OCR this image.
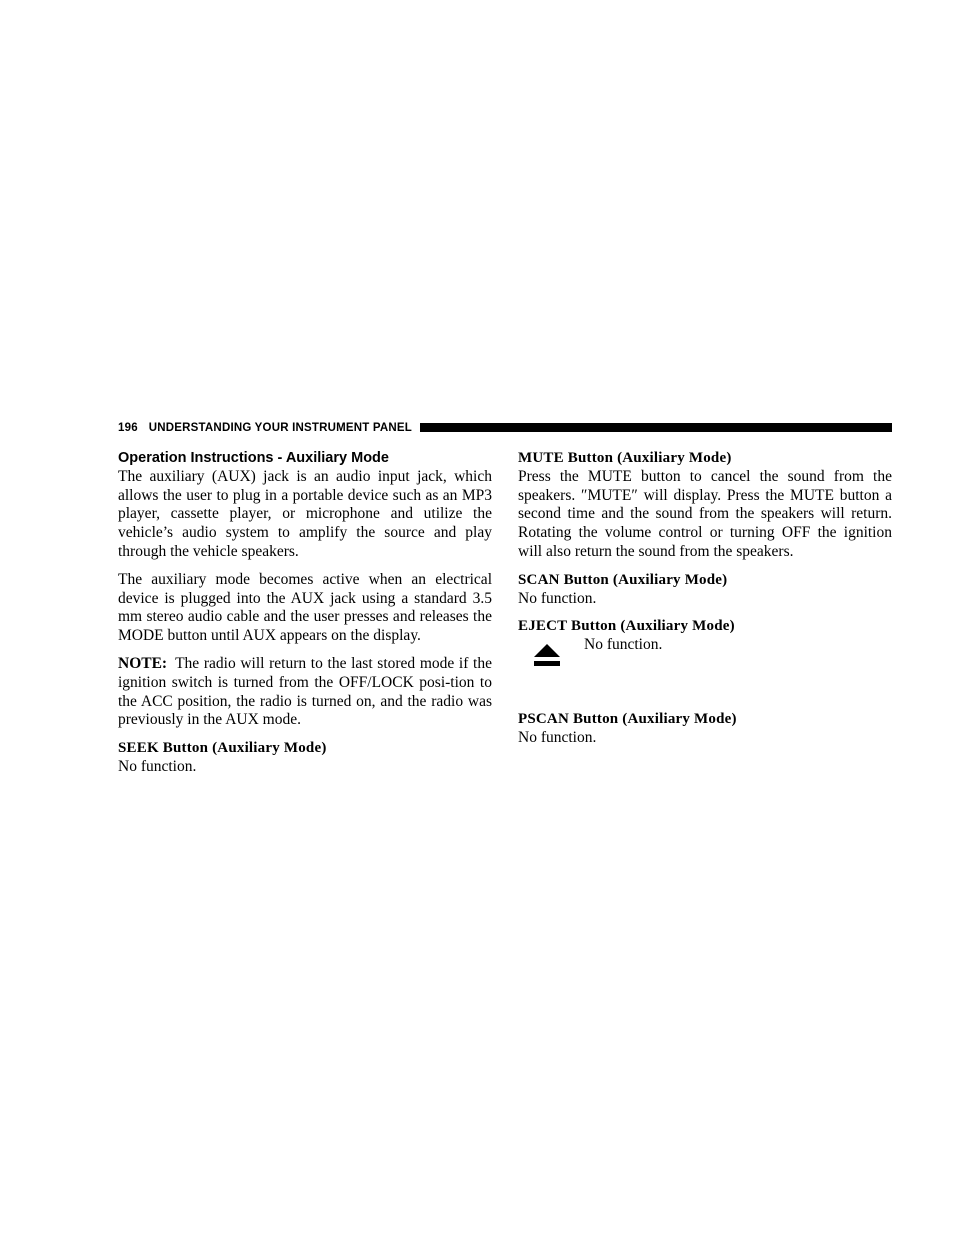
196 UNDERSTANDING YOUR INSTRUMENT PANEL
Operation Instructions - Auxiliary Mode

The auxiliary (AUX) jack is an audio input jack, which allows the user to plug in a portable device such as an MP3 player, cassette player, or microphone and utilize the vehicle’s audio system to amplify the source and play through the vehicle speakers.

The auxiliary mode becomes active when an electrical device is plugged into the AUX jack using a standard 3.5 mm stereo audio cable and the user presses and releases the MODE button until AUX appears on the display.

NOTE: The radio will return to the last stored mode if the ignition switch is turned from the OFF/LOCK posi-tion to the ACC position, the radio is turned on, and the radio was previously in the AUX mode.

SEEK Button (Auxiliary Mode)
No function.
MUTE Button (Auxiliary Mode)

Press the MUTE button to cancel the sound from the speakers. ″MUTE″ will display. Press the MUTE button a second time and the sound from the speakers will return. Rotating the volume control or turning OFF the ignition will also return the sound from the speakers.

SCAN Button (Auxiliary Mode)
No function.
EJECT Button (Auxiliary Mode)
No function.
PSCAN Button (Auxiliary Mode)
No function.
